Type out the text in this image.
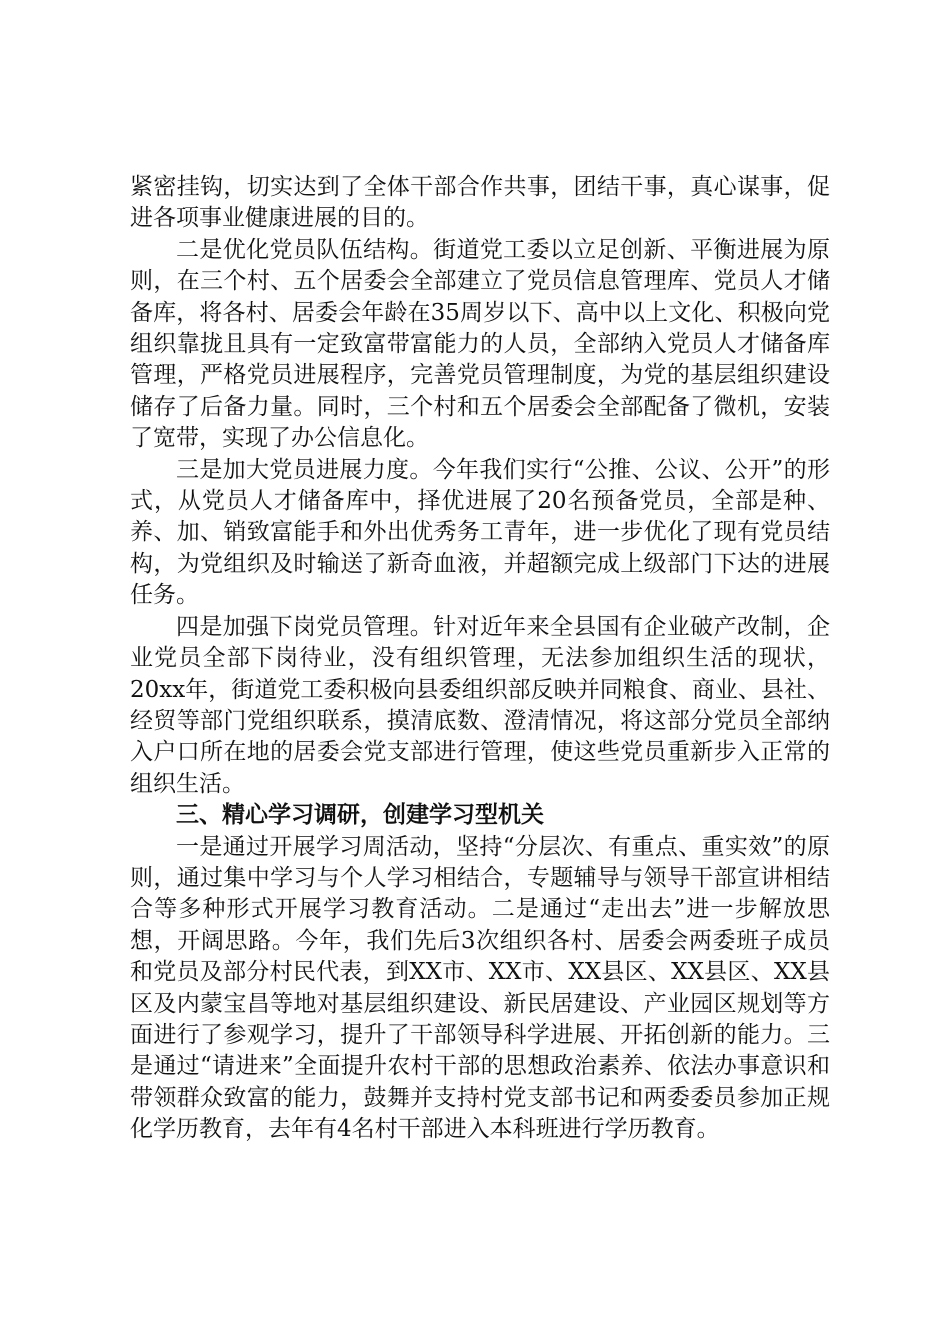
紧密挂钩，切实达到了全体干部合作共事，团结干事，真心谋事，促进各项事业健康进展的目的。

二是优化党员队伍结构。街道党工委以立足创新、平衡进展为原则，在三个村、五个居委会全部建立了党员信息管理库、党员人才储备库，将各村、居委会年龄在35周岁以下、高中以上文化、积极向党组织靠拢且具有一定致富带富能力的人员，全部纳入党员人才储备库管理，严格党员进展程序，完善党员管理制度，为党的基层组织建设储存了后备力量。同时，三个村和五个居委会全部配备了微机，安装了宽带，实现了办公信息化。

三是加大党员进展力度。今年我们实行“公推、公议、公开”的形式，从党员人才储备库中，择优进展了20名预备党员，全部是种、养、加、销致富能手和外出优秀务工青年，进一步优化了现有党员结构，为党组织及时输送了新奇血液，并超额完成上级部门下达的进展任务。

四是加强下岗党员管理。针对近年来全县国有企业破产改制，企业党员全部下岗待业，没有组织管理，无法参加组织生活的现状，20xx年，街道党工委积极向县委组织部反映并同粮食、商业、县社、经贸等部门党组织联系，摸清底数、澄清情况，将这部分党员全部纳入户口所在地的居委会党支部进行管理，使这些党员重新步入正常的组织生活。

三、精心学习调研，创建学习型机关

一是通过开展学习周活动，坚持“分层次、有重点、重实效”的原则，通过集中学习与个人学习相结合，专题辅导与领导干部宣讲相结合等多种形式开展学习教育活动。二是通过“走出去”进一步解放思想，开阔思路。今年，我们先后3次组织各村、居委会两委班子成员和党员及部分村民代表，到XX市、XX市、XX县区、XX县区、XX县区及内蒙宝昌等地对基层组织建设、新民居建设、产业园区规划等方面进行了参观学习，提升了干部领导科学进展、开拓创新的能力。三是通过“请进来”全面提升农村干部的思想政治素养、依法办事意识和带领群众致富的能力，鼓舞并支持村党支部书记和两委委员参加正规化学历教育，去年有4名村干部进入本科班进行学历教育。
